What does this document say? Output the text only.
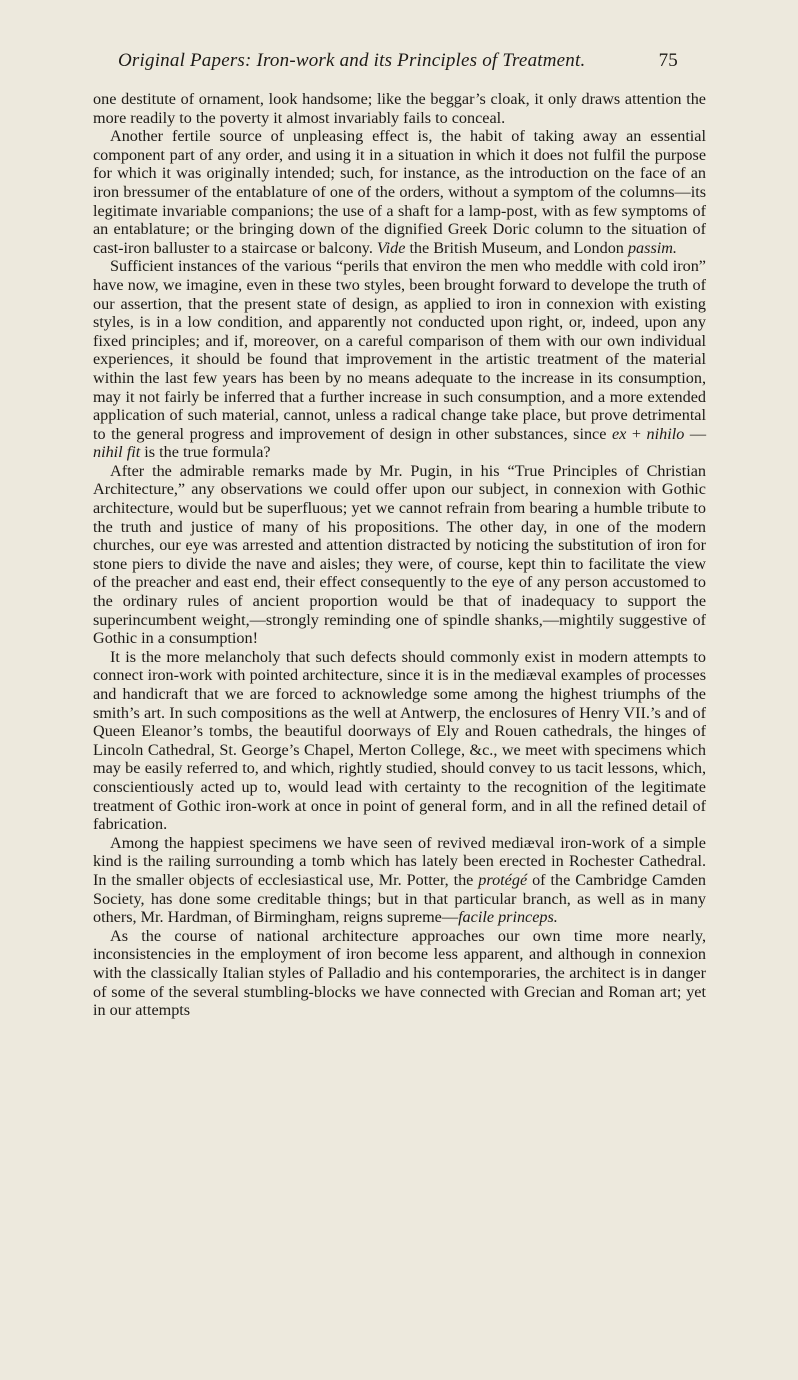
Original Papers: Iron-work and its Principles of Treatment.	75

one destitute of ornament, look handsome; like the beggar’s cloak, it only draws attention the more readily to the poverty it almost invariably fails to conceal.

Another fertile source of unpleasing effect is, the habit of taking away an essential component part of any order, and using it in a situation in which it does not fulfil the purpose for which it was originally intended; such, for instance, as the introduction on the face of an iron bressumer of the entablature of one of the orders, without a symptom of the columns—its legitimate invariable companions; the use of a shaft for a lamp-post, with as few symptoms of an entablature; or the bringing down of the dignified Greek Doric column to the situation of cast-iron balluster to a staircase or balcony. Vide the British Museum, and London passim.

Sufficient instances of the various “perils that environ the men who meddle with cold iron” have now, we imagine, even in these two styles, been brought forward to develope the truth of our assertion, that the present state of design, as applied to iron in connexion with existing styles, is in a low condition, and apparently not conducted upon right, or, indeed, upon any fixed principles; and if, moreover, on a careful comparison of them with our own individual experiences, it should be found that improvement in the artistic treatment of the material within the last few years has been by no means adequate to the increase in its consumption, may it not fairly be inferred that a further increase in such consumption, and a more extended application of such material, cannot, unless a radical change take place, but prove detrimental to the general progress and improvement of design in other substances, since ex + nihilo — nihil fit is the true formula?

After the admirable remarks made by Mr. Pugin, in his “True Principles of Christian Architecture,” any observations we could offer upon our subject, in connexion with Gothic architecture, would but be superfluous; yet we cannot refrain from bearing a humble tribute to the truth and justice of many of his propositions. The other day, in one of the modern churches, our eye was arrested and attention distracted by noticing the substitution of iron for stone piers to divide the nave and aisles; they were, of course, kept thin to facilitate the view of the preacher and east end, their effect consequently to the eye of any person accustomed to the ordinary rules of ancient proportion would be that of inadequacy to support the superincumbent weight,—strongly reminding one of spindle shanks,—mightily suggestive of Gothic in a consumption!

It is the more melancholy that such defects should commonly exist in modern attempts to connect iron-work with pointed architecture, since it is in the mediæval examples of processes and handicraft that we are forced to acknowledge some among the highest triumphs of the smith’s art. In such compositions as the well at Antwerp, the enclosures of Henry VII.’s and of Queen Eleanor’s tombs, the beautiful doorways of Ely and Rouen cathedrals, the hinges of Lincoln Cathedral, St. George’s Chapel, Merton College, &c., we meet with specimens which may be easily referred to, and which, rightly studied, should convey to us tacit lessons, which, conscientiously acted up to, would lead with certainty to the recognition of the legitimate treatment of Gothic iron-work at once in point of general form, and in all the refined detail of fabrication.

Among the happiest specimens we have seen of revived mediæval iron-work of a simple kind is the railing surrounding a tomb which has lately been erected in Rochester Cathedral. In the smaller objects of ecclesiastical use, Mr. Potter, the protégé of the Cambridge Camden Society, has done some creditable things; but in that particular branch, as well as in many others, Mr. Hardman, of Birmingham, reigns supreme—facile princeps.

As the course of national architecture approaches our own time more nearly, inconsistencies in the employment of iron become less apparent, and although in connexion with the classically Italian styles of Palladio and his contemporaries, the architect is in danger of some of the several stumbling-blocks we have connected with Grecian and Roman art; yet in our attempts
